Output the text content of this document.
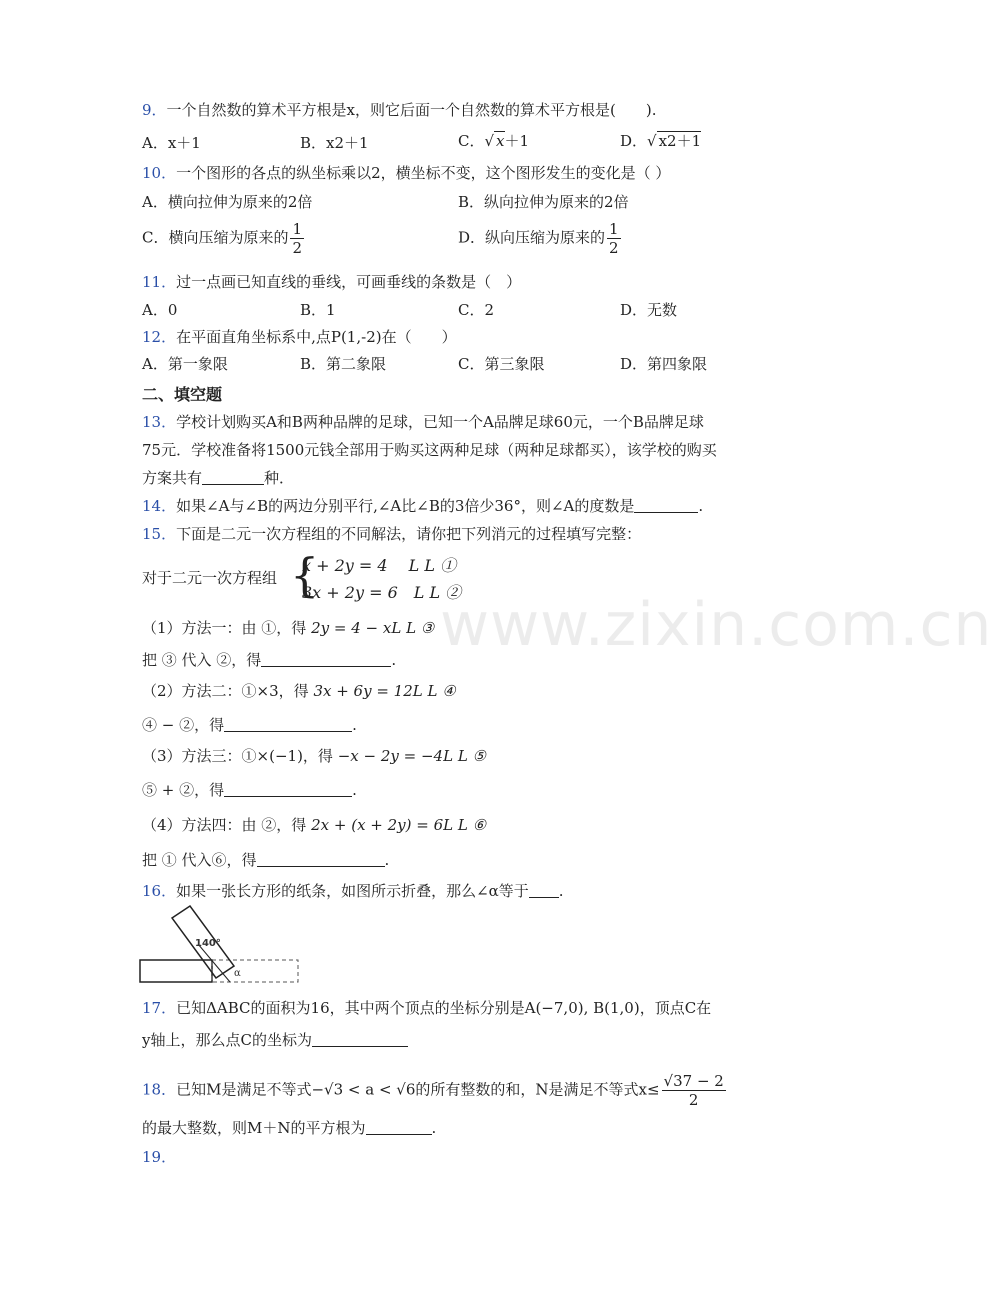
www.zixin.com.cn
9．一个自然数的算术平方根是x，则它后面一个自然数的算术平方根是(　　).
A．x＋1	B．x2＋1	C．√ x＋1	D．√ x2＋1
10．一个图形的各点的纵坐标乘以2，横坐标不变，这个图形发生的变化是（ ）
A．横向拉伸为原来的2倍	B．纵向拉伸为原来的2倍
C．横向压缩为原来的 $\frac{1}{2}$	D．纵向压缩为原来的 $\frac{1}{2}$
11．过一点画已知直线的垂线，可画垂线的条数是（　）
A．0	B．1	C．2	D．无数
12．在平面直角坐标系中,点P(1,-2)在（　　）
A．第一象限	B．第二象限	C．第三象限	D．第四象限
二、填空题
13．学校计划购买A和B两种品牌的足球，已知一个A品牌足球60元，一个B品牌足球
75元．学校准备将1500元钱全部用于购买这两种足球（两种足球都买），该学校的购买
方案共有	种．
14．如果∠A与∠B的两边分别平行,∠A比∠B的3倍少36°，则∠A的度数是	.
15．下面是二元一次方程组的不同解法，请你把下列消元的过程填写完整：
对于二元一次方程组 {
x + 2y = 4　 L L ①
3x + 2y = 6　L L ②
（1）方法一：由 ①，得 2y = 4 − xL L ③
把 ③ 代入 ②，得	.
（2）方法二：①×3，得 3x + 6y = 12L L ④
④ − ②，得	.
（3）方法三：①×(−1)，得 −x − 2y = −4L L ⑤
⑤ + ②，得	.
（4）方法四：由 ②，得 2x + (x + 2y) = 6L L ⑥
把 ① 代入⑥，得	.
16．如果一张长方形的纸条，如图所示折叠，那么∠α等于 .
140°
α
17．已知ΔABC的面积为16，其中两个顶点的坐标分别是A(−7,0), B(1,0)，顶点C在
y轴上，那么点C的坐标为
18．已知M是满足不等式−√3 < a < √6的所有整数的和，N是满足不等式$x\le \frac{√37 - 2}{2}$
的最大整数，则M＋N的平方根为	.
19．
